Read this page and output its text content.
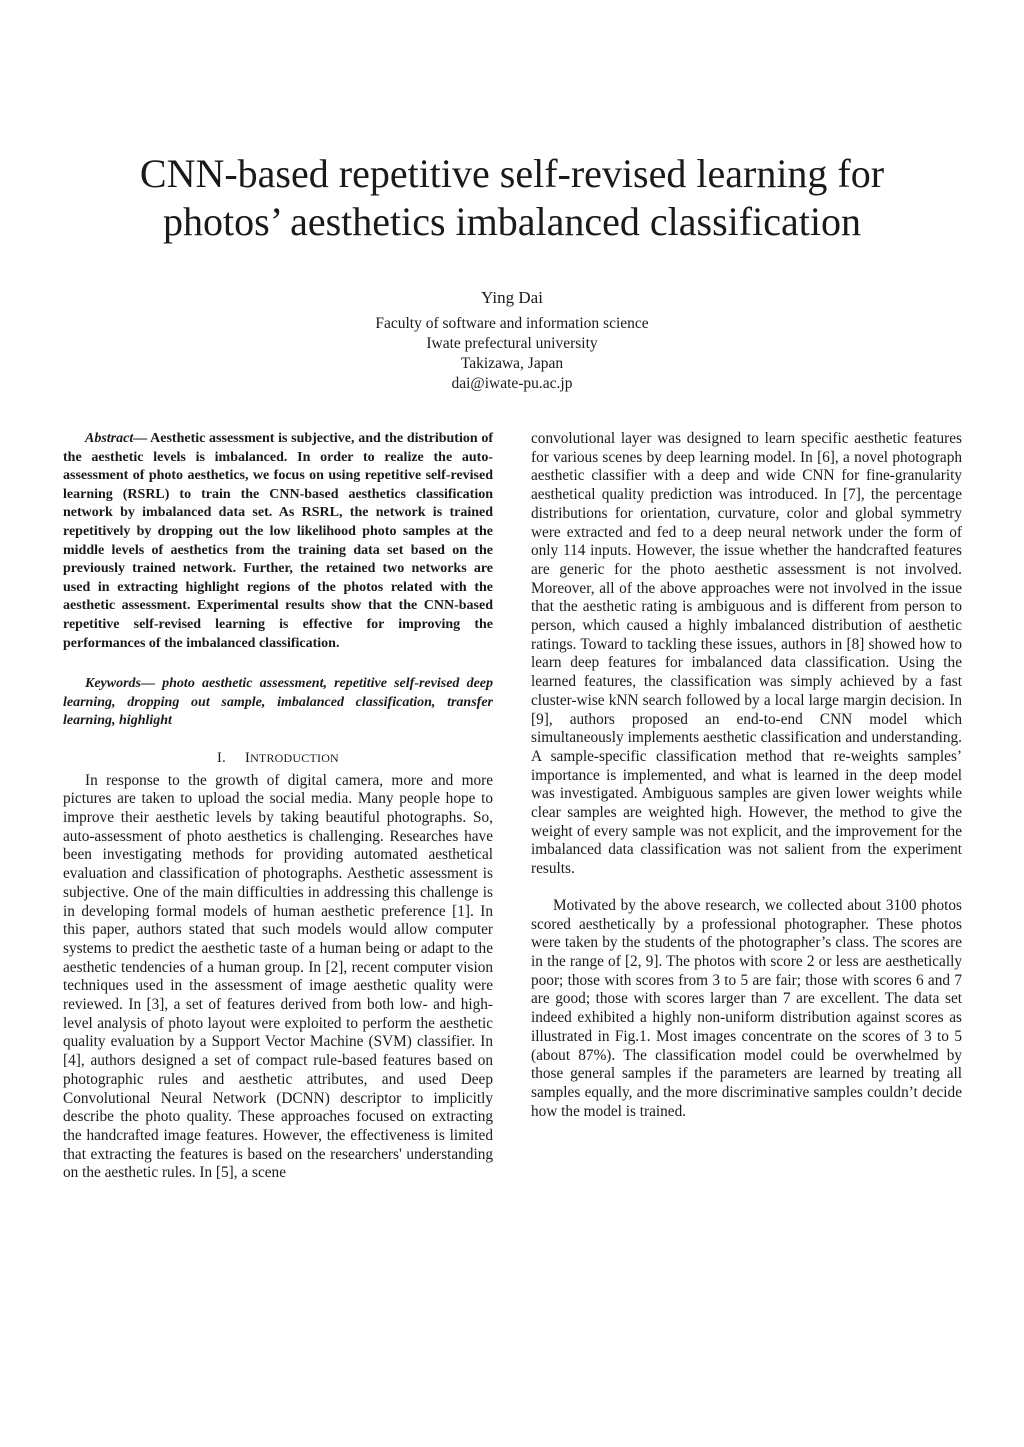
CNN-based repetitive self-revised learning for
photos’ aesthetics imbalanced classification

Ying Dai

Faculty of software and information science

Iwate prefectural university

Takizawa, Japan

dai@iwate-pu.ac.jp

Abstract— Aesthetic assessment is subjective, and the distribution of the aesthetic levels is imbalanced. In order to realize the auto-assessment of photo aesthetics, we focus on using repetitive self-revised learning (RSRL) to train the CNN-based aesthetics classification network by imbalanced data set. As RSRL, the network is trained repetitively by dropping out the low likelihood photo samples at the middle levels of aesthetics from the training data set based on the previously trained network. Further, the retained two networks are used in extracting highlight regions of the photos related with the aesthetic assessment. Experimental results show that the CNN-based repetitive self-revised learning is effective for improving the performances of the imbalanced classification.

Keywords— photo aesthetic assessment, repetitive self-revised deep learning, dropping out sample, imbalanced classification, transfer learning, highlight

I. INTRODUCTION

In response to the growth of digital camera, more and more pictures are taken to upload the social media. Many people hope to improve their aesthetic levels by taking beautiful photographs. So, auto-assessment of photo aesthetics is challenging. Researches have been investigating methods for providing automated aesthetical evaluation and classification of photographs. Aesthetic assessment is subjective. One of the main difficulties in addressing this challenge is in developing formal models of human aesthetic preference [1]. In this paper, authors stated that such models would allow computer systems to predict the aesthetic taste of a human being or adapt to the aesthetic tendencies of a human group. In [2], recent computer vision techniques used in the assessment of image aesthetic quality were reviewed. In [3], a set of features derived from both low- and high-level analysis of photo layout were exploited to perform the aesthetic quality evaluation by a Support Vector Machine (SVM) classifier. In [4], authors designed a set of compact rule-based features based on photographic rules and aesthetic attributes, and used Deep Convolutional Neural Network (DCNN) descriptor to implicitly describe the photo quality. These approaches focused on extracting the handcrafted image features. However, the effectiveness is limited that extracting the features is based on the researchers' understanding on the aesthetic rules. In [5], a scene

convolutional layer was designed to learn specific aesthetic features for various scenes by deep learning model. In [6], a novel photograph aesthetic classifier with a deep and wide CNN for fine-granularity aesthetical quality prediction was introduced. In [7], the percentage distributions for orientation, curvature, color and global symmetry were extracted and fed to a deep neural network under the form of only 114 inputs. However, the issue whether the handcrafted features are generic for the photo aesthetic assessment is not involved. Moreover, all of the above approaches were not involved in the issue that the aesthetic rating is ambiguous and is different from person to person, which caused a highly imbalanced distribution of aesthetic ratings. Toward to tackling these issues, authors in [8] showed how to learn deep features for imbalanced data classification. Using the learned features, the classification was simply achieved by a fast cluster-wise kNN search followed by a local large margin decision. In [9], authors proposed an end-to-end CNN model which simultaneously implements aesthetic classification and understanding. A sample-specific classification method that re-weights samples’ importance is implemented, and what is learned in the deep model was investigated. Ambiguous samples are given lower weights while clear samples are weighted high. However, the method to give the weight of every sample was not explicit, and the improvement for the imbalanced data classification was not salient from the experiment results.

Motivated by the above research, we collected about 3100 photos scored aesthetically by a professional photographer. These photos were taken by the students of the photographer’s class. The scores are in the range of [2, 9]. The photos with score 2 or less are aesthetically poor; those with scores from 3 to 5 are fair; those with scores 6 and 7 are good; those with scores larger than 7 are excellent. The data set indeed exhibited a highly non-uniform distribution against scores as illustrated in Fig.1. Most images concentrate on the scores of 3 to 5 (about 87%). The classification model could be overwhelmed by those general samples if the parameters are learned by treating all samples equally, and the more discriminative samples couldn’t decide how the model is trained.
